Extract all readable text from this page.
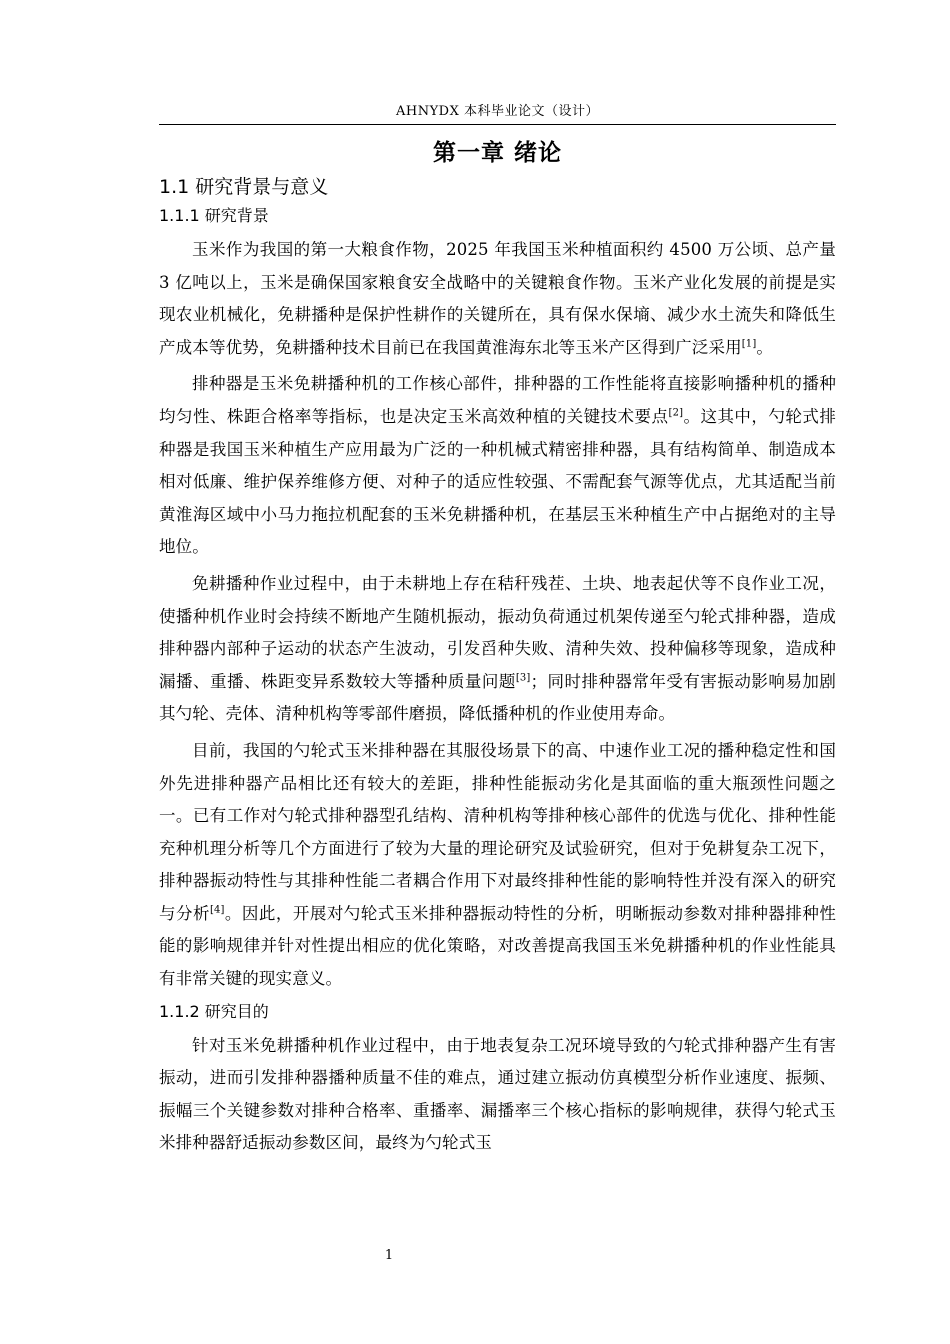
AHNYDX 本科毕业论文（设计）
第一章 绪论
1.1 研究背景与意义
1.1.1 研究背景

玉米作为我国的第一大粮食作物，2025 年我国玉米种植面积约 4500 万公顷、总产量 3 亿吨以上，玉米是确保国家粮食安全战略中的关键粮食作物。玉米产业化发展的前提是实现农业机械化，免耕播种是保护性耕作的关键所在，具有保水保墒、减少水土流失和降低生产成本等优势，免耕播种技术目前已在我国黄淮海东北等玉米产区得到广泛采用[1]。

排种器是玉米免耕播种机的工作核心部件，排种器的工作性能将直接影响播种机的播种均匀性、株距合格率等指标，也是决定玉米高效种植的关键技术要点[2]。这其中，勺轮式排种器是我国玉米种植生产应用最为广泛的一种机械式精密排种器，具有结构简单、制造成本相对低廉、维护保养维修方便、对种子的适应性较强、不需配套气源等优点，尤其适配当前黄淮海区域中小马力拖拉机配套的玉米免耕播种机，在基层玉米种植生产中占据绝对的主导地位。

免耕播种作业过程中，由于未耕地上存在秸秆残茬、土块、地表起伏等不良作业工况，使播种机作业时会持续不断地产生随机振动，振动负荷通过机架传递至勺轮式排种器，造成排种器内部种子运动的状态产生波动，引发舀种失败、清种失效、投种偏移等现象，造成种漏播、重播、株距变异系数较大等播种质量问题[3]；同时排种器常年受有害振动影响易加剧其勺轮、壳体、清种机构等零部件磨损，降低播种机的作业使用寿命。

目前，我国的勺轮式玉米排种器在其服役场景下的高、中速作业工况的播种稳定性和国外先进排种器产品相比还有较大的差距，排种性能振动劣化是其面临的重大瓶颈性问题之一。已有工作对勺轮式排种器型孔结构、清种机构等排种核心部件的优选与优化、排种性能充种机理分析等几个方面进行了较为大量的理论研究及试验研究，但对于免耕复杂工况下，排种器振动特性与其排种性能二者耦合作用下对最终排种性能的影响特性并没有深入的研究与分析[4]。因此，开展对勺轮式玉米排种器振动特性的分析，明晰振动参数对排种器排种性能的影响规律并针对性提出相应的优化策略，对改善提高我国玉米免耕播种机的作业性能具有非常关键的现实意义。

1.1.2 研究目的

针对玉米免耕播种机作业过程中，由于地表复杂工况环境导致的勺轮式排种器产生有害振动，进而引发排种器播种质量不佳的难点，通过建立振动仿真模型分析作业速度、振频、振幅三个关键参数对排种合格率、重播率、漏播率三个核心指标的影响规律，获得勺轮式玉米排种器舒适振动参数区间，最终为勺轮式玉

1
